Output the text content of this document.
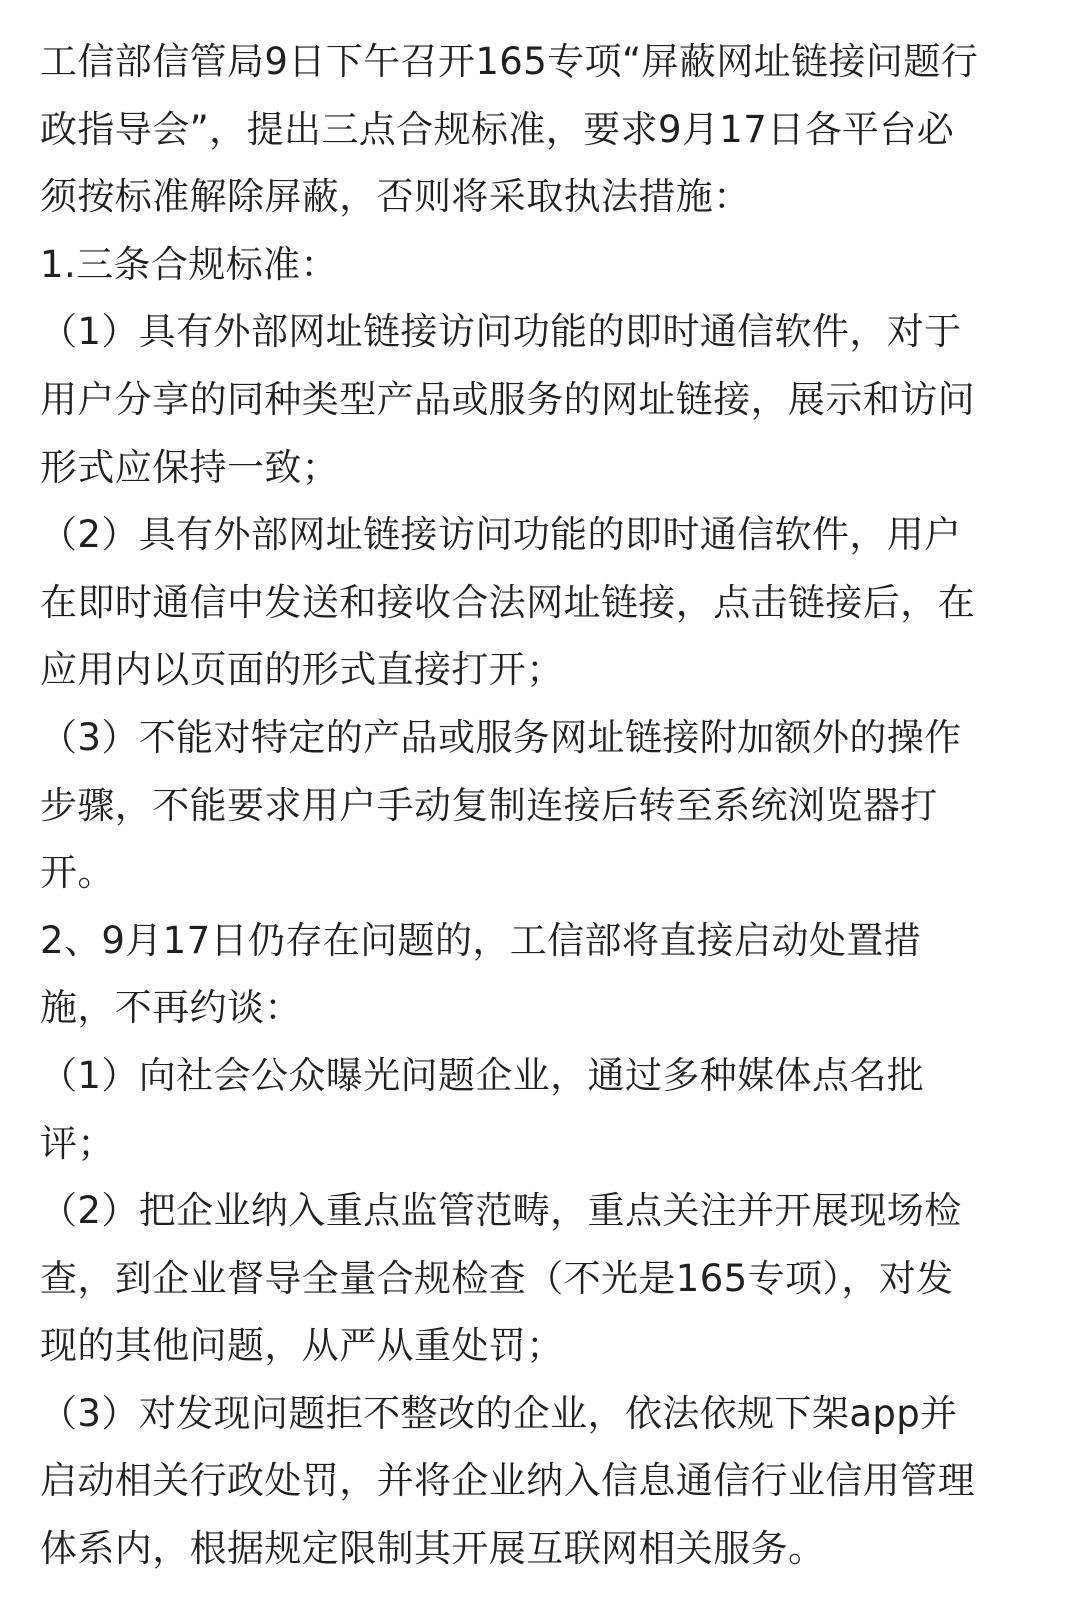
工信部信管局9日下午召开165专项“屏蔽网址链接问题行
政指导会”，提出三点合规标准，要求9月17日各平台必
须按标准解除屏蔽，否则将采取执法措施：
1.三条合规标准：
（1）具有外部网址链接访问功能的即时通信软件，对于
用户分享的同种类型产品或服务的网址链接，展示和访问
形式应保持一致；
（2）具有外部网址链接访问功能的即时通信软件，用户
在即时通信中发送和接收合法网址链接，点击链接后，在
应用内以页面的形式直接打开；
（3）不能对特定的产品或服务网址链接附加额外的操作
步骤，不能要求用户手动复制连接后转至系统浏览器打
开。
2、9月17日仍存在问题的，工信部将直接启动处置措
施，不再约谈：
（1）向社会公众曝光问题企业，通过多种媒体点名批
评；
（2）把企业纳入重点监管范畴，重点关注并开展现场检
查，到企业督导全量合规检查（不光是165专项），对发
现的其他问题，从严从重处罚；
（3）对发现问题拒不整改的企业，依法依规下架app并
启动相关行政处罚，并将企业纳入信息通信行业信用管理
体系内，根据规定限制其开展互联网相关服务。
